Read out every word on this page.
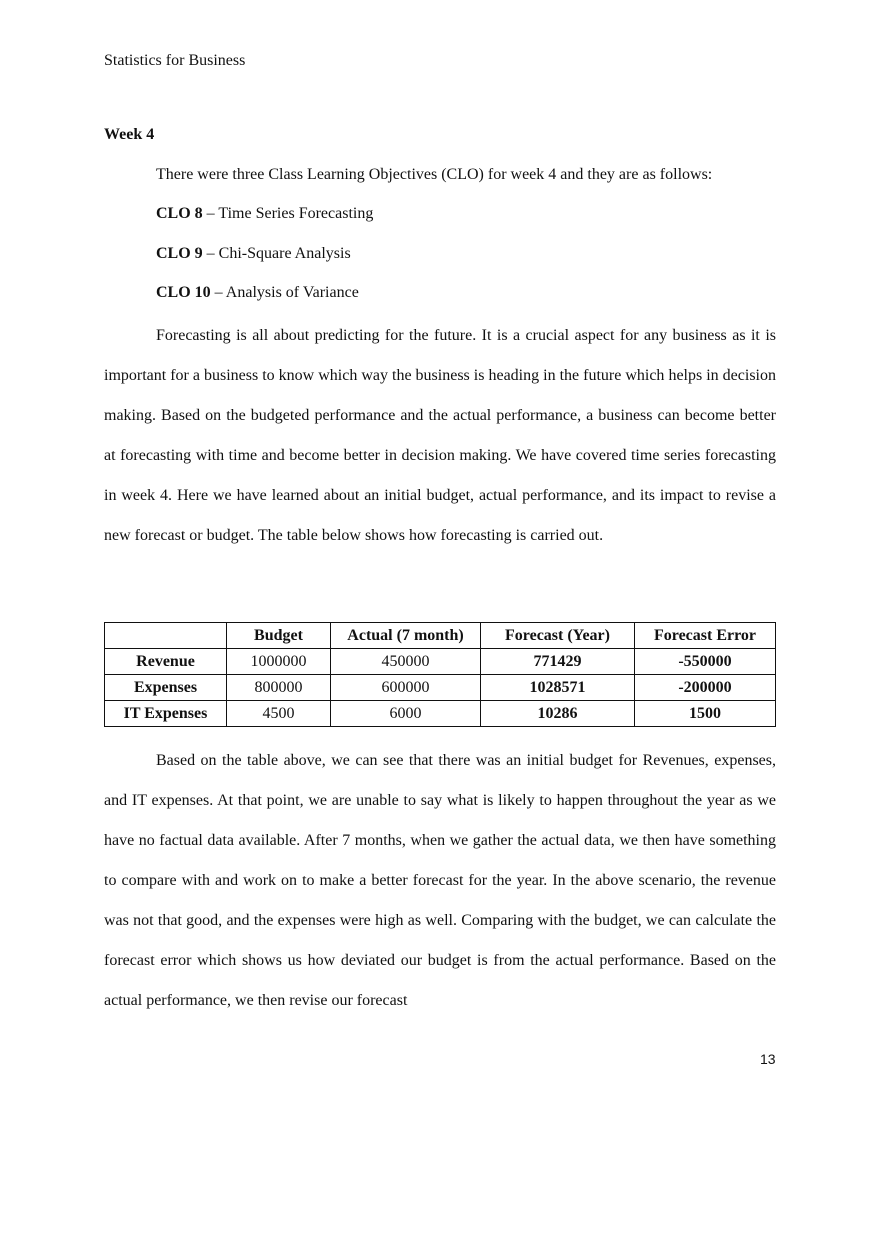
Statistics for Business
Week 4
There were three Class Learning Objectives (CLO) for week 4 and they are as follows:
CLO 8 – Time Series Forecasting
CLO 9 – Chi-Square Analysis
CLO 10 – Analysis of Variance

Forecasting is all about predicting for the future. It is a crucial aspect for any business as it is important for a business to know which way the business is heading in the future which helps in decision making. Based on the budgeted performance and the actual performance, a business can become better at forecasting with time and become better in decision making. We have covered time series forecasting in week 4. Here we have learned about an initial budget, actual performance, and its impact to revise a new forecast or budget. The table below shows how forecasting is carried out.

	Budget	Actual (7 month)	Forecast (Year)	Forecast Error
Revenue	1000000	450000	771429	-550000
Expenses	800000	600000	1028571	-200000
IT Expenses	4500	6000	10286	1500

Based on the table above, we can see that there was an initial budget for Revenues, expenses, and IT expenses. At that point, we are unable to say what is likely to happen throughout the year as we have no factual data available. After 7 months, when we gather the actual data, we then have something to compare with and work on to make a better forecast for the year. In the above scenario, the revenue was not that good, and the expenses were high as well. Comparing with the budget, we can calculate the forecast error which shows us how deviated our budget is from the actual performance. Based on the actual performance, we then revise our forecast

13
